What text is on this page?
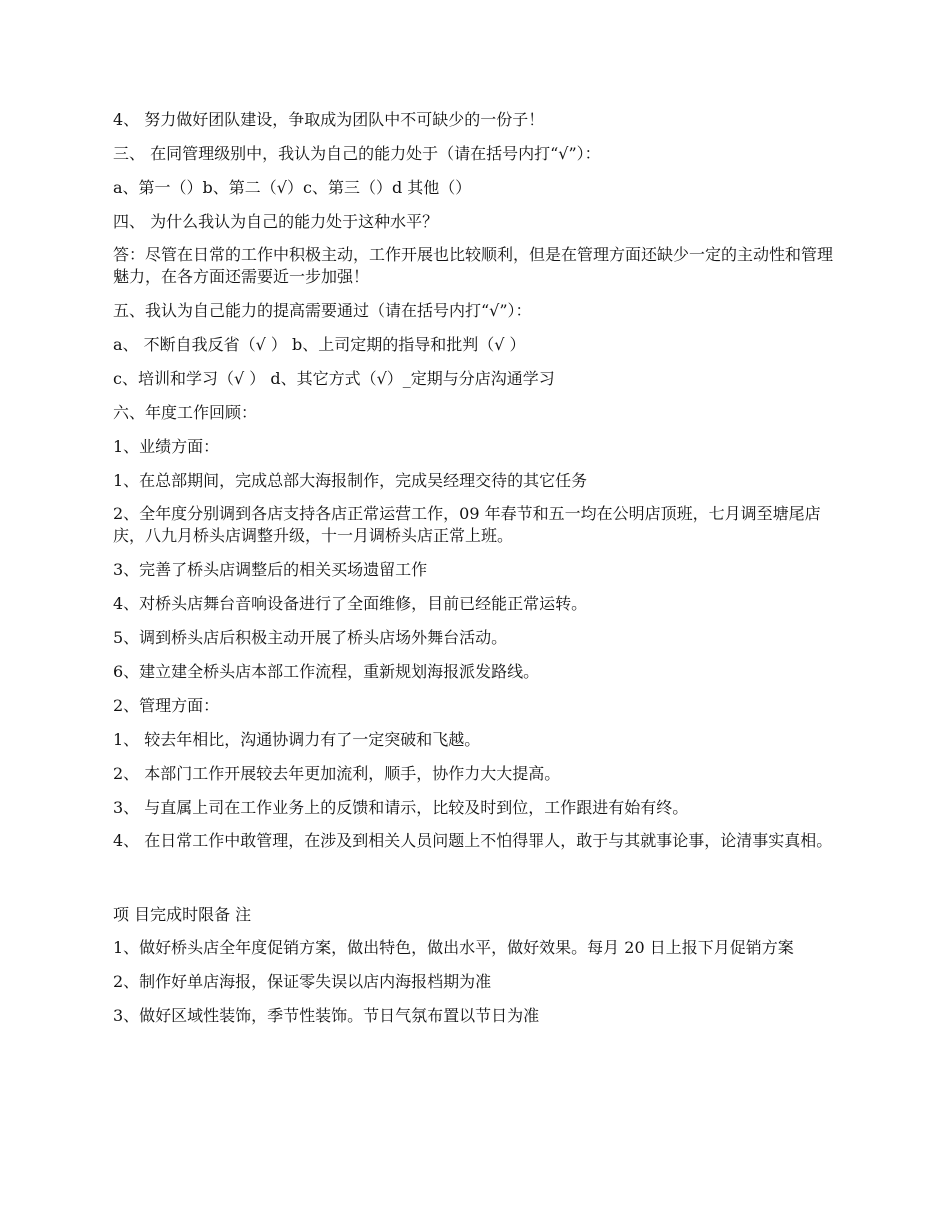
4、 努力做好团队建设，争取成为团队中不可缺少的一份子！

三、 在同管理级别中，我认为自己的能力处于（请在括号内打“√”）：

a、第一（）b、第二（√）c、第三（）d 其他（）

四、 为什么我认为自己的能力处于这种水平？

答：尽管在日常的工作中积极主动，工作开展也比较顺利，但是在管理方面还缺少一定的主动性和管理魅力，在各方面还需要近一步加强！

五、我认为自己能力的提高需要通过（请在括号内打“√”）：

a、 不断自我反省（√ ） b、上司定期的指导和批判（√ ）

c、培训和学习（√ ） d、其它方式（√）_定期与分店沟通学习

六、年度工作回顾：

1、业绩方面：

1、在总部期间，完成总部大海报制作，完成吴经理交待的其它任务

2、全年度分别调到各店支持各店正常运营工作，09 年春节和五一均在公明店顶班，七月调至塘尾店庆，八九月桥头店调整升级，十一月调桥头店正常上班。

3、完善了桥头店调整后的相关买场遗留工作

4、对桥头店舞台音响设备进行了全面维修，目前已经能正常运转。

5、调到桥头店后积极主动开展了桥头店场外舞台活动。

6、建立建全桥头店本部工作流程，重新规划海报派发路线。

2、管理方面：

1、 较去年相比，沟通协调力有了一定突破和飞越。

2、 本部门工作开展较去年更加流利，顺手，协作力大大提高。

3、 与直属上司在工作业务上的反馈和请示，比较及时到位，工作跟进有始有终。

4、 在日常工作中敢管理，在涉及到相关人员问题上不怕得罪人，敢于与其就事论事，论清事实真相。

项 目完成时限备 注

1、做好桥头店全年度促销方案，做出特色，做出水平，做好效果。每月 20 日上报下月促销方案

2、制作好单店海报，保证零失误以店内海报档期为准

3、做好区域性装饰，季节性装饰。节日气氛布置以节日为准
